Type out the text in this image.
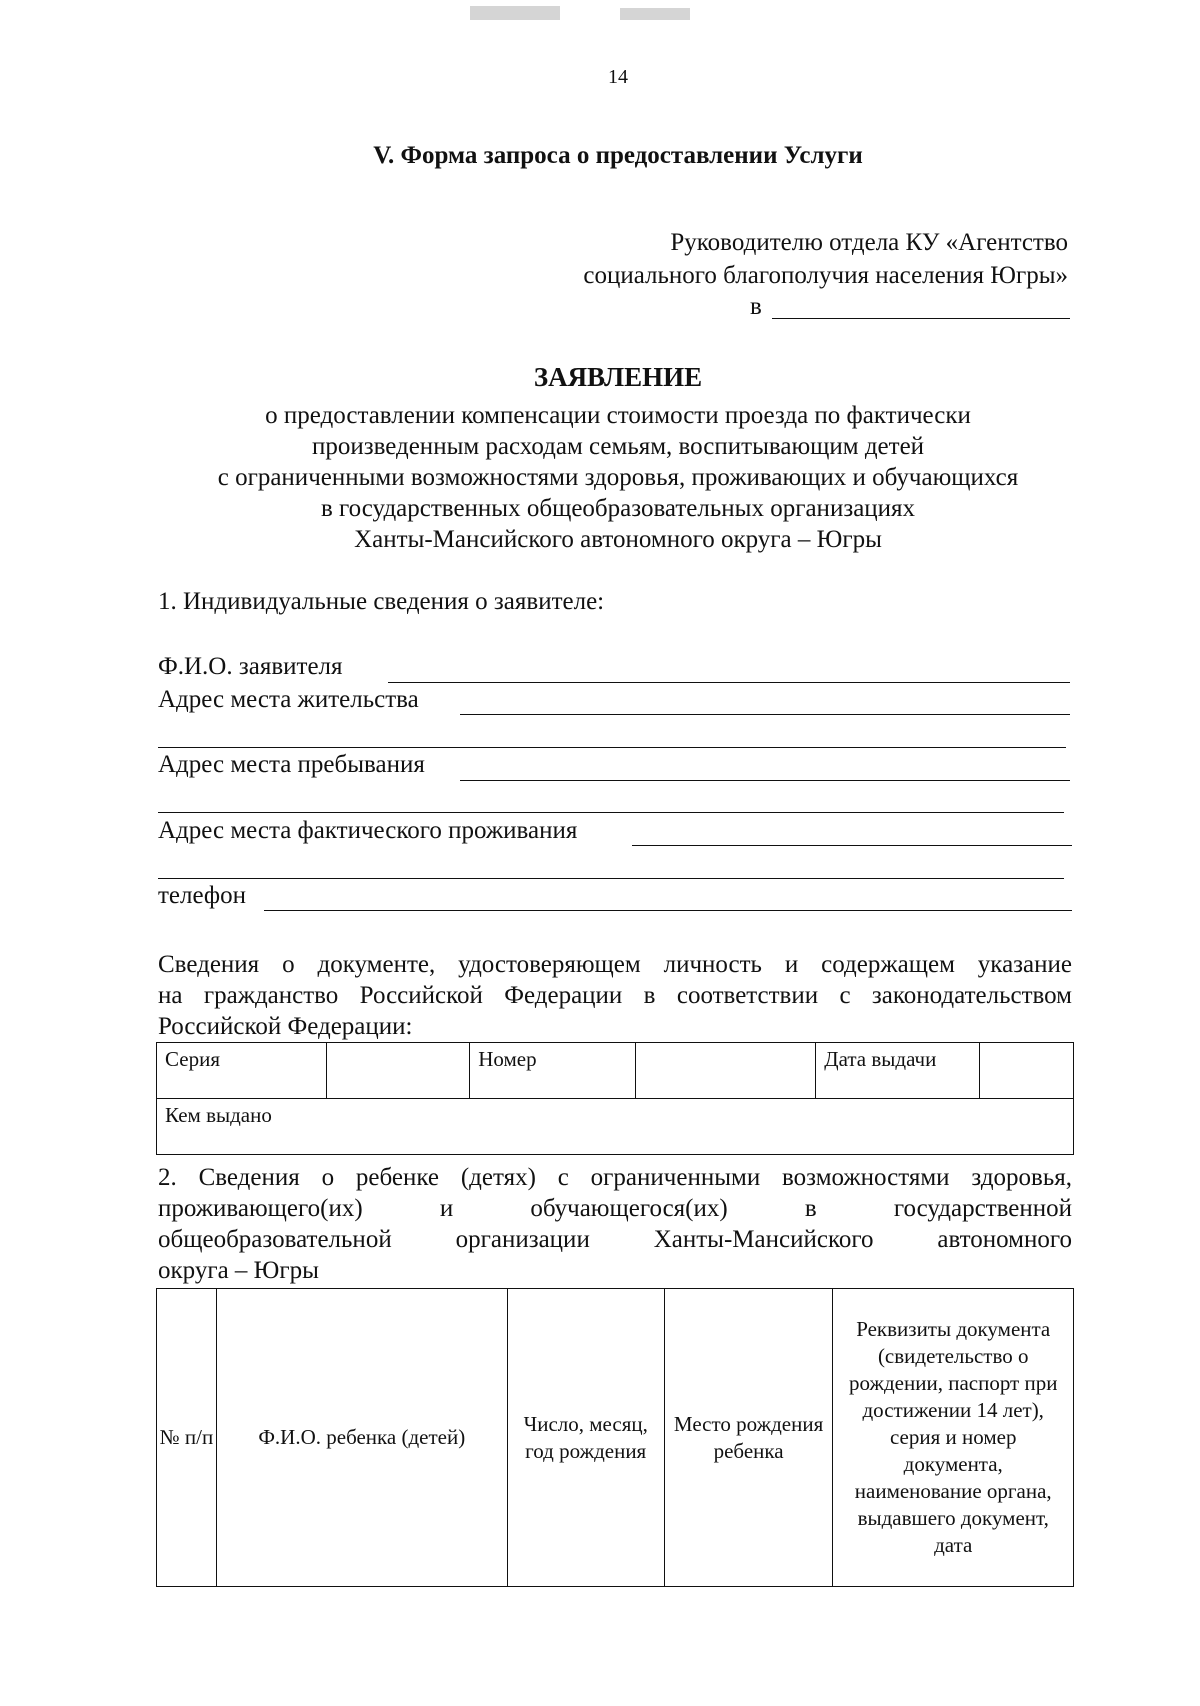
14
V. Форма запроса о предоставлении Услуги
Руководителю отдела КУ «Агентство
социального благополучия населения Югры»
в
ЗАЯВЛЕНИЕ
о предоставлении компенсации стоимости проезда по фактически
произведенным расходам семьям, воспитывающим детей
с ограниченными возможностями здоровья, проживающих и обучающихся
в государственных общеобразовательных организациях
Ханты-Мансийского автономного округа – Югры
1. Индивидуальные сведения о заявителе:
Ф.И.О. заявителя
Адрес места жительства
Адрес места пребывания
Адрес места фактического проживания
телефон
Сведения о документе, удостоверяющем личность и содержащем указание
на гражданство Российской Федерации в соответствии с законодательством
Российской Федерации:
Серия		Номер		Дата выдачи

Кем выдано
2. Сведения о ребенке (детях) с ограниченными возможностями здоровья,
проживающего(их) и обучающегося(их) в государственной
общеобразовательной организации Ханты-Мансийского автономного
округа – Югры
№ п/п	Ф.И.О. ребенка (детей)	Число, месяц, год рождения	Место рождения ребенка	Реквизиты документа (свидетельство о рождении, паспорт при достижении 14 лет), серия и номер документа, наименование органа, выдавшего документ, дата
